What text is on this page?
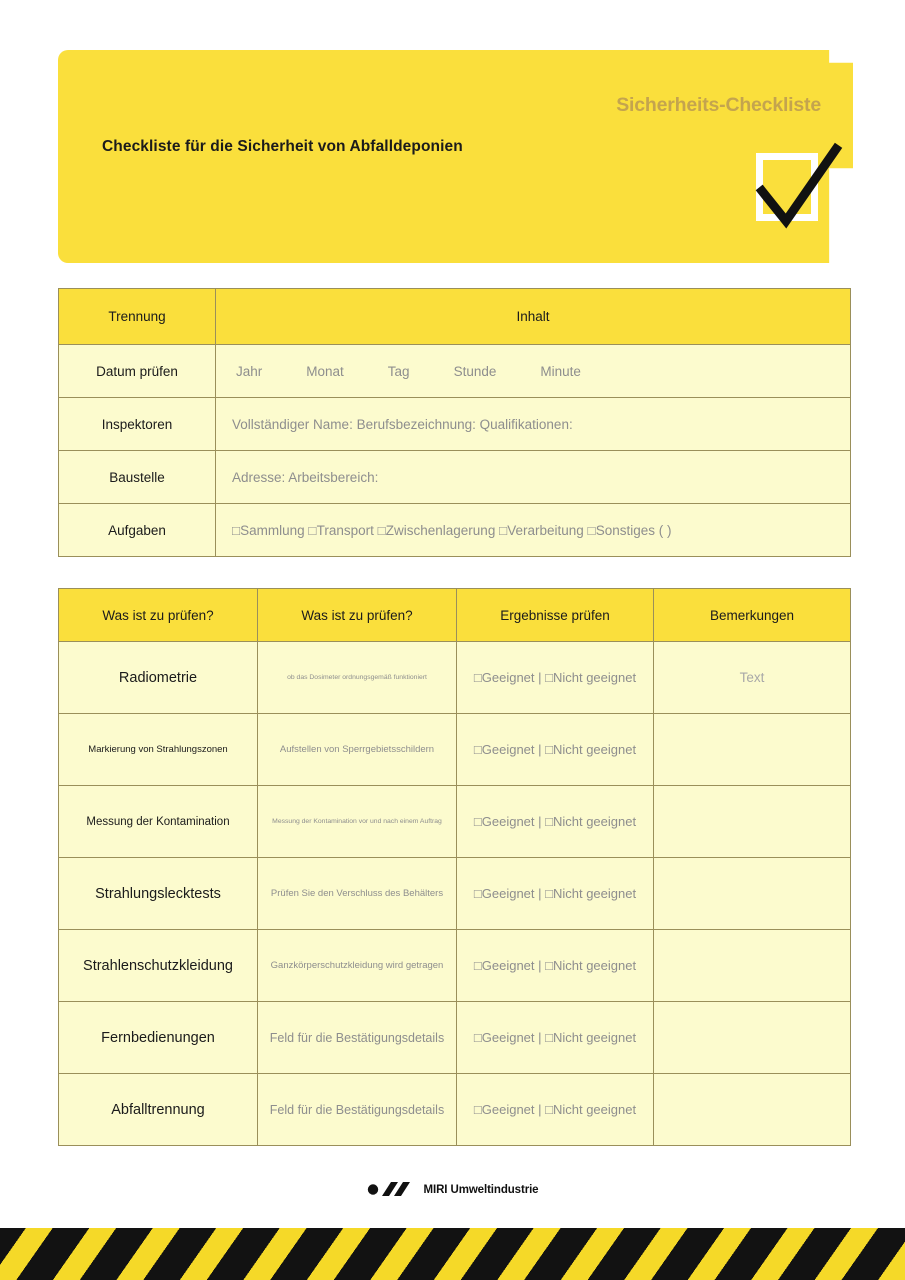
Sicherheits-Checkliste
Checkliste für die Sicherheit von Abfalldeponien
Trennung	Inhalt
Datum prüfen	Jahr Monat Tag Stunde Minute

Inspektoren	Vollständiger Name: Berufsbezeichnung: Qualifikationen:
Baustelle	Adresse: Arbeitsbereich:
Aufgaben	□Sammlung □Transport □Zwischenlagerung □Verarbeitung □Sonstiges ( )
Was ist zu prüfen?	Was ist zu prüfen?	Ergebnisse prüfen	Bemerkungen
Radiometrie	ob das Dosimeter ordnungsgemäß funktioniert	□Geeignet | □Nicht geeignet	Text
Markierung von Strahlungszonen	Aufstellen von Sperrgebietsschildern	□Geeignet | □Nicht geeignet	
Messung der Kontamination	Messung der Kontamination vor und nach einem Auftrag	□Geeignet | □Nicht geeignet	
Strahlungslecktests	Prüfen Sie den Verschluss des Behälters	□Geeignet | □Nicht geeignet	
Strahlenschutzkleidung	Ganzkörperschutzkleidung wird getragen	□Geeignet | □Nicht geeignet	
Fernbedienungen	Feld für die Bestätigungsdetails	□Geeignet | □Nicht geeignet	
Abfalltrennung	Feld für die Bestätigungsdetails	□Geeignet | □Nicht geeignet	
MIRI Umweltindustrie
